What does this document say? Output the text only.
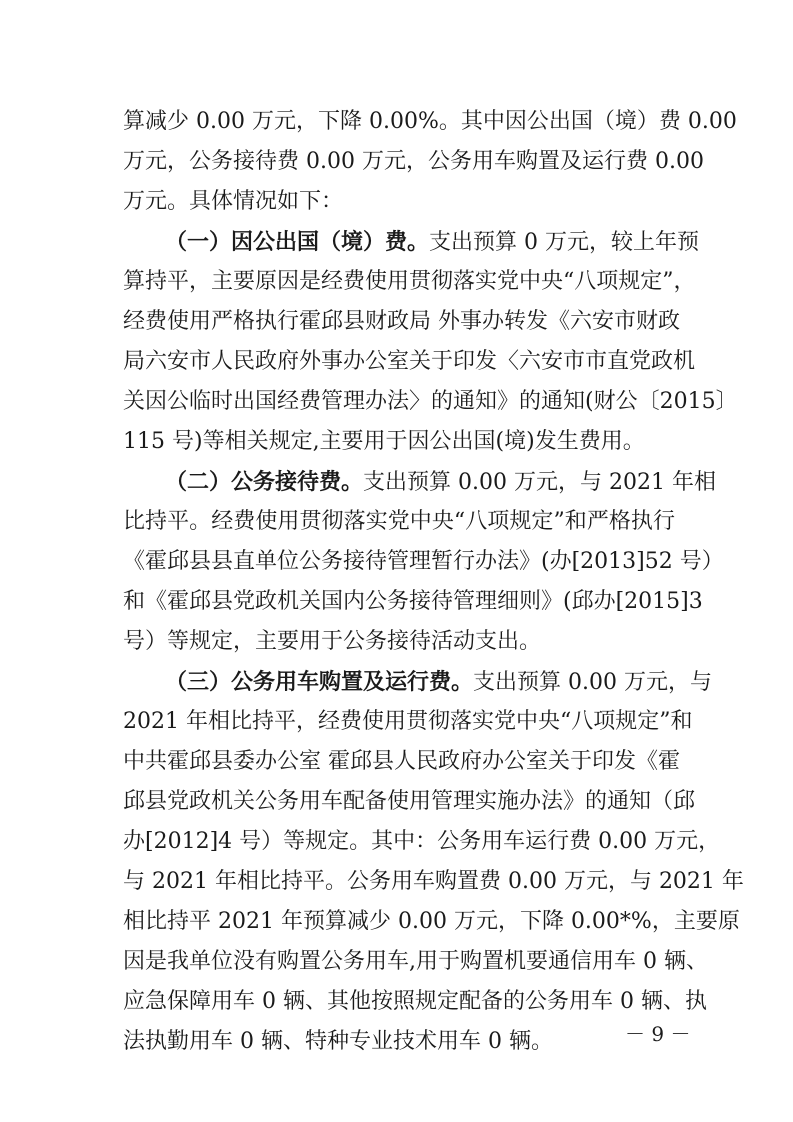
算减少 0.00 万元，下降 0.00%。其中因公出国（境）费 0.00
万元，公务接待费 0.00 万元，公务用车购置及运行费 0.00
万元。具体情况如下：
（一）因公出国（境）费。支出预算 0 万元，较上年预
算持平，主要原因是经费使用贯彻落实党中央“八项规定”，
经费使用严格执行霍邱县财政局 外事办转发《六安市财政
局六安市人民政府外事办公室关于印发〈六安市市直党政机
关因公临时出国经费管理办法〉的通知》的通知(财公〔2015〕
115 号)等相关规定,主要用于因公出国(境)发生费用。
（二）公务接待费。支出预算 0.00 万元，与 2021 年相
比持平。经费使用贯彻落实党中央“八项规定”和严格执行
《霍邱县县直单位公务接待管理暂行办法》(办[2013]52 号）
和《霍邱县党政机关国内公务接待管理细则》(邱办[2015]3
号）等规定，主要用于公务接待活动支出。
（三）公务用车购置及运行费。支出预算 0.00 万元，与
2021 年相比持平，经费使用贯彻落实党中央“八项规定”和
中共霍邱县委办公室 霍邱县人民政府办公室关于印发《霍
邱县党政机关公务用车配备使用管理实施办法》的通知（邱
办[2012]4 号）等规定。其中：公务用车运行费 0.00 万元，
与 2021 年相比持平。公务用车购置费 0.00 万元，与 2021 年
相比持平 2021 年预算减少 0.00 万元，下降 0.00*%，主要原
因是我单位没有购置公务用车,用于购置机要通信用车 0 辆、
应急保障用车 0 辆、其他按照规定配备的公务用车 0 辆、执
法执勤用车 0 辆、特种专业技术用车 0 辆。	－ 9 －
